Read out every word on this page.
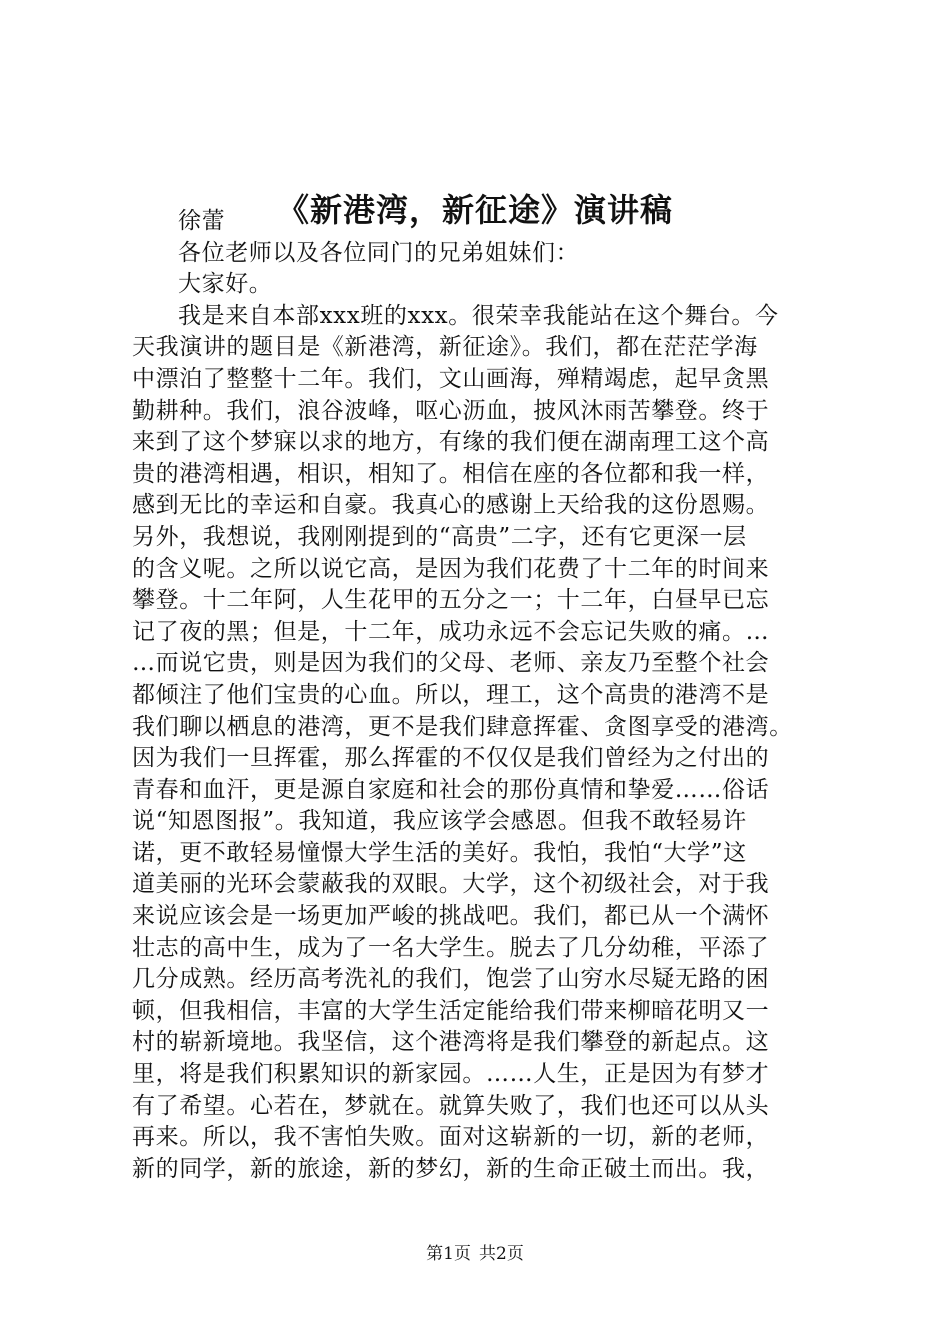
《新港湾，新征途》演讲稿
徐蕾
各位老师以及各位同门的兄弟姐妹们：
大家好。
我是来自本部xxx班的xxx。很荣幸我能站在这个舞台。今
天我演讲的题目是《新港湾，新征途》。我们，都在茫茫学海
中漂泊了整整十二年。我们，文山画海，殚精竭虑，起早贪黑
勤耕种。我们，浪谷波峰，呕心沥血，披风沐雨苦攀登。终于
来到了这个梦寐以求的地方，有缘的我们便在湖南理工这个高
贵的港湾相遇，相识，相知了。相信在座的各位都和我一样，
感到无比的幸运和自豪。我真心的感谢上天给我的这份恩赐。
另外，我想说，我刚刚提到的“高贵”二字，还有它更深一层
的含义呢。之所以说它高，是因为我们花费了十二年的时间来
攀登。十二年阿，人生花甲的五分之一；十二年，白昼早已忘
记了夜的黑；但是，十二年，成功永远不会忘记失败的痛。…
…而说它贵，则是因为我们的父母、老师、亲友乃至整个社会
都倾注了他们宝贵的心血。所以，理工，这个高贵的港湾不是
我们聊以栖息的港湾，更不是我们肆意挥霍、贪图享受的港湾。
因为我们一旦挥霍，那么挥霍的不仅仅是我们曾经为之付出的
青春和血汗，更是源自家庭和社会的那份真情和挚爱……俗话
说“知恩图报”。我知道，我应该学会感恩。但我不敢轻易许
诺，更不敢轻易憧憬大学生活的美好。我怕，我怕“大学”这
道美丽的光环会蒙蔽我的双眼。大学，这个初级社会，对于我
来说应该会是一场更加严峻的挑战吧。我们，都已从一个满怀
壮志的高中生，成为了一名大学生。脱去了几分幼稚，平添了
几分成熟。经历高考洗礼的我们，饱尝了山穷水尽疑无路的困
顿，但我相信，丰富的大学生活定能给我们带来柳暗花明又一
村的崭新境地。我坚信，这个港湾将是我们攀登的新起点。这
里，将是我们积累知识的新家园。……人生，正是因为有梦才
有了希望。心若在，梦就在。就算失败了，我们也还可以从头
再来。所以，我不害怕失败。面对这崭新的一切，新的老师，
新的同学，新的旅途，新的梦幻，新的生命正破土而出。我，
第1页 共2页
